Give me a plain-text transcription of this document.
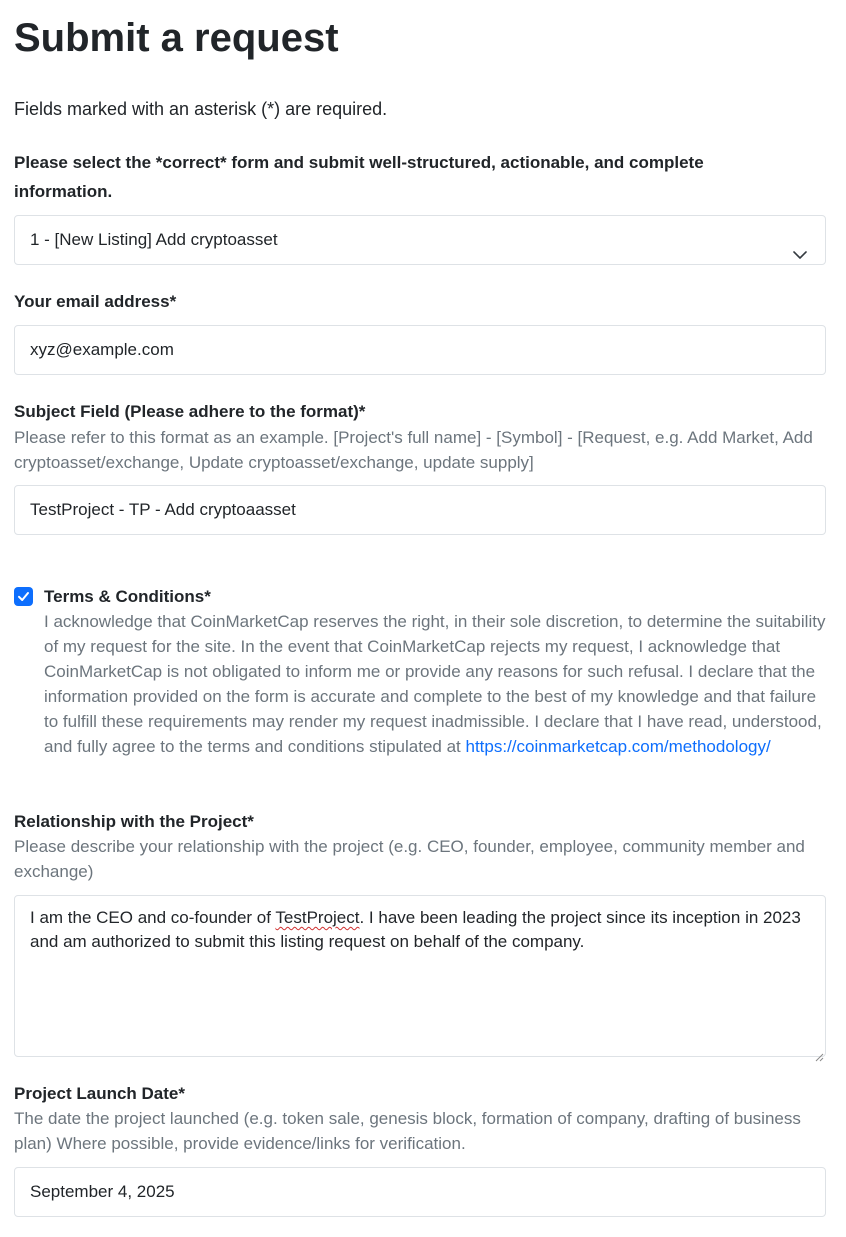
Submit a request
Fields marked with an asterisk (*) are required.
Please select the *correct* form and submit well-structured, actionable, and complete information.
1 - [New Listing] Add cryptoasset
Your email address*
xyz@example.com
Subject Field (Please adhere to the format)*
Please refer to this format as an example. [Project's full name] - [Symbol] - [Request, e.g. Add Market, Add cryptoasset/exchange, Update cryptoasset/exchange, update supply]
TestProject - TP - Add cryptoaasset
Terms & Conditions*
I acknowledge that CoinMarketCap reserves the right, in their sole discretion, to determine the suitability of my request for the site. In the event that CoinMarketCap rejects my request, I acknowledge that CoinMarketCap is not obligated to inform me or provide any reasons for such refusal. I declare that the information provided on the form is accurate and complete to the best of my knowledge and that failure to fulfill these requirements may render my request inadmissible. I declare that I have read, understood, and fully agree to the terms and conditions stipulated at https://coinmarketcap.com/methodology/
Relationship with the Project*
Please describe your relationship with the project (e.g. CEO, founder, employee, community member and exchange)
I am the CEO and co-founder of TestProject. I have been leading the project since its inception in 2023 and am authorized to submit this listing request on behalf of the company.
Project Launch Date*
The date the project launched (e.g. token sale, genesis block, formation of company, drafting of business plan) Where possible, provide evidence/links for verification.
September 4, 2025
